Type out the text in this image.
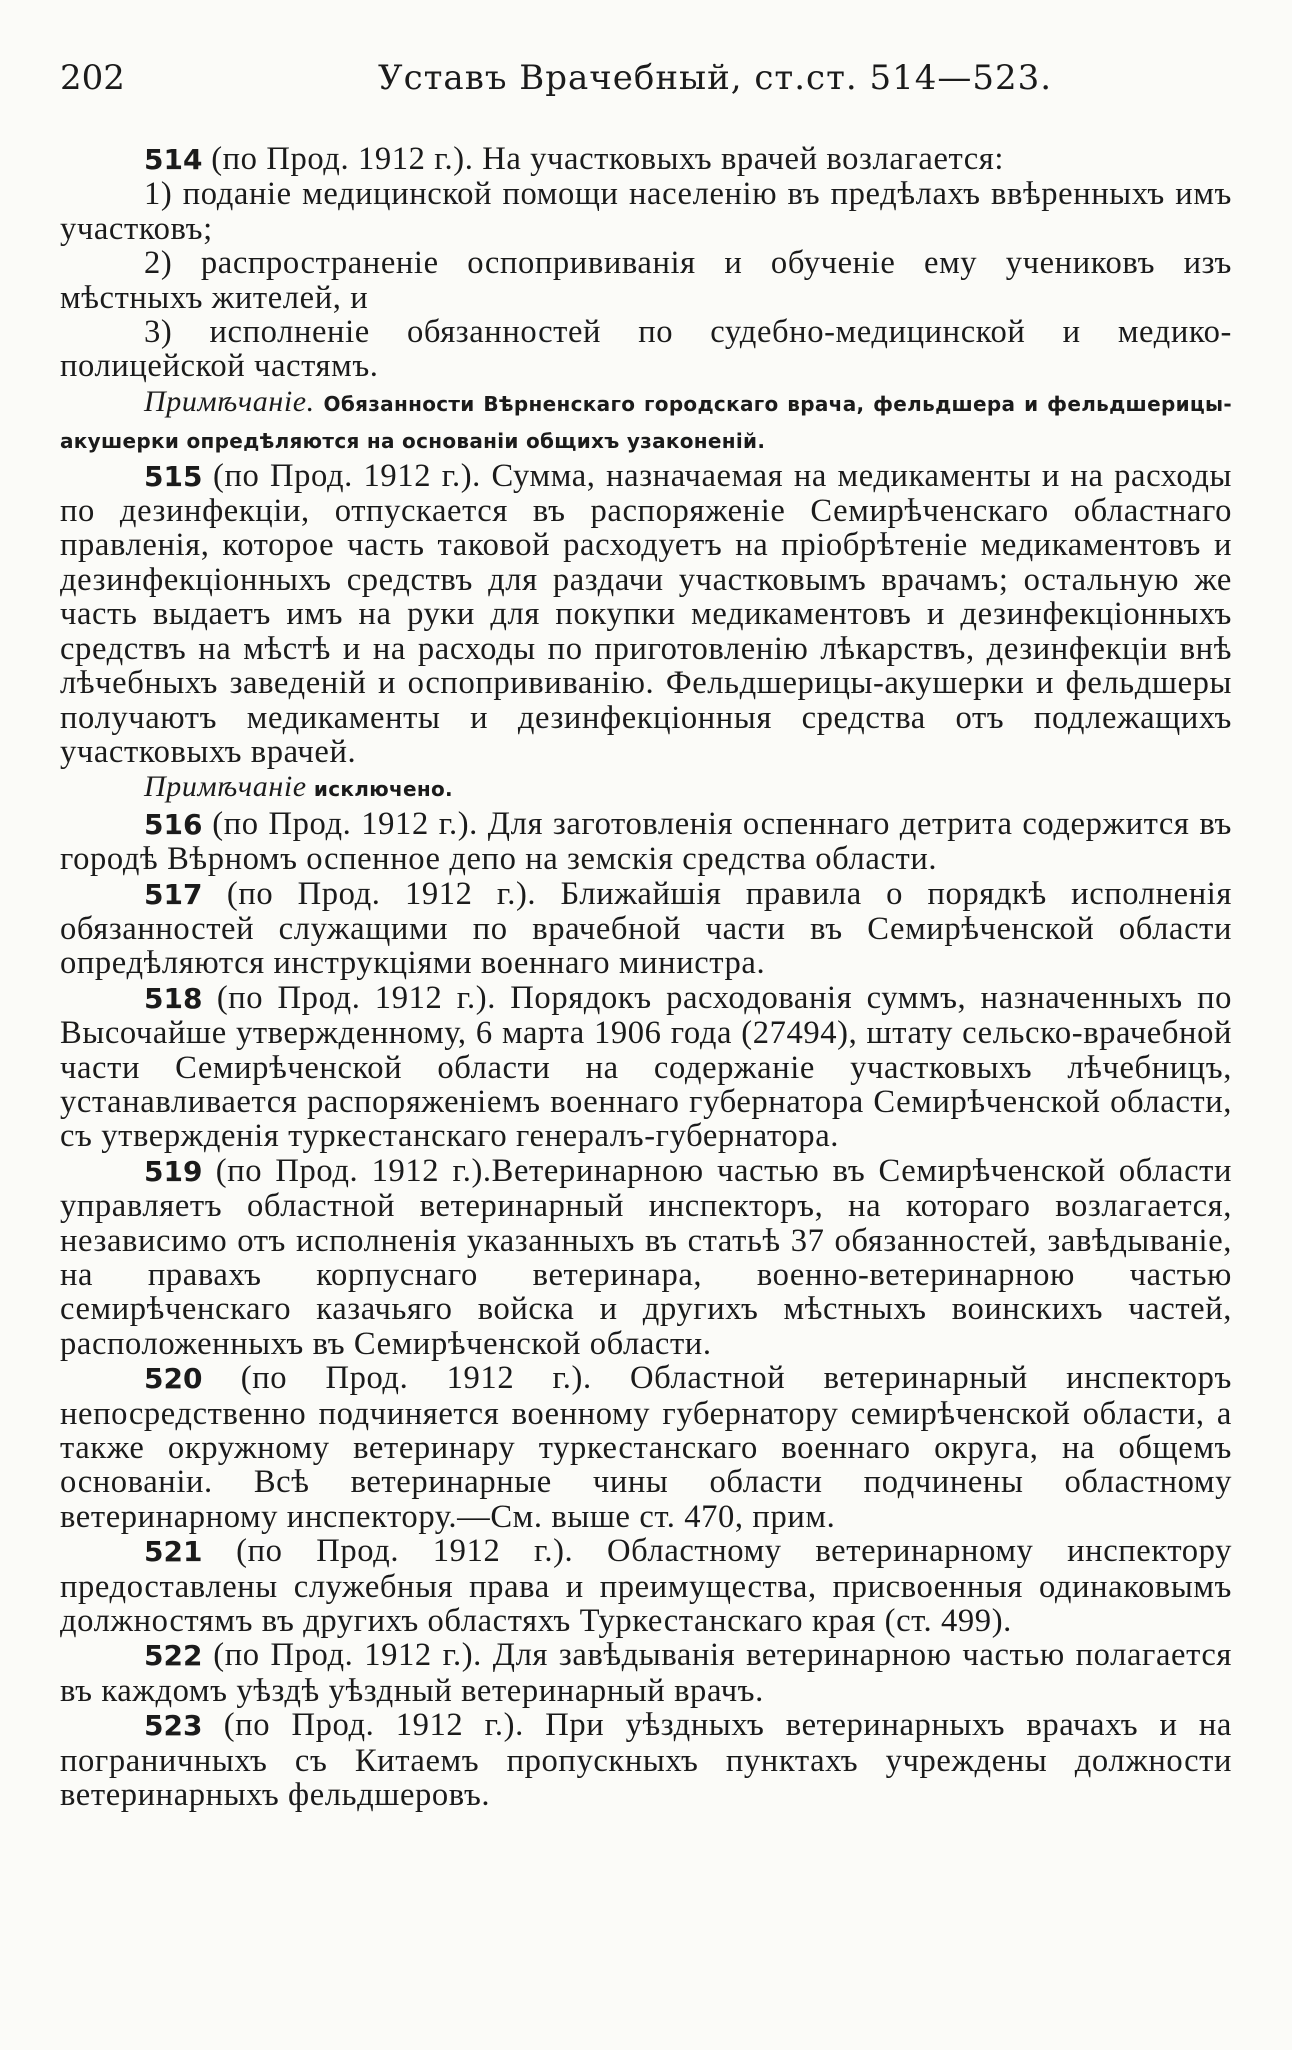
202	Уставъ Врачебный, ст.ст. 514—523.

514 (по Прод. 1912 г.). На участковыхъ врачей возлагается:

1) поданіе медицинской помощи населенію въ предѣлахъ ввѣренныхъ имъ участковъ;

2) распространеніе оспопрививанія и обученіе ему учениковъ изъ мѣстныхъ жителей, и

3) исполненіе обязанностей по судебно-медицинской и медико-полицейской частямъ.

Примѣчаніе. Обязанности Вѣрненскаго городскаго врача, фельдшера и фельдшерицы-акушерки опредѣляются на основаніи общихъ узаконеній.

515 (по Прод. 1912 г.). Сумма, назначаемая на медикаменты и на расходы по дезинфекціи, отпускается въ распоряженіе Семирѣченскаго областнаго правленія, которое часть таковой расходуетъ на пріобрѣтеніе медикаментовъ и дезинфекціонныхъ средствъ для раздачи участковымъ врачамъ; остальную же часть выдаетъ имъ на руки для покупки медикаментовъ и дезинфекціонныхъ средствъ на мѣстѣ и на расходы по приготовленію лѣкарствъ, дезинфекціи внѣ лѣчебныхъ заведеній и оспопрививанію. Фельдшерицы-акушерки и фельдшеры получаютъ медикаменты и дезинфекціонныя средства отъ подлежащихъ участковыхъ врачей.

Примѣчаніе исключено.

516 (по Прод. 1912 г.). Для заготовленія оспеннаго детрита содержится въ городѣ Вѣрномъ оспенное депо на земскія средства области.

517 (по Прод. 1912 г.). Ближайшія правила о порядкѣ исполненія обязанностей служащими по врачебной части въ Семирѣченской области опредѣляются инструкціями военнаго министра.

518 (по Прод. 1912 г.). Порядокъ расходованія суммъ, назначенныхъ по Высочайше утвержденному, 6 марта 1906 года (27494), штату сельско-врачебной части Семирѣченской области на содержаніе участковыхъ лѣчебницъ, устанавливается распоряженіемъ военнаго губернатора Семирѣченской области, съ утвержденія туркестанскаго генералъ-губернатора.

519 (по Прод. 1912 г.).Ветеринарною частью въ Семирѣченской области управляетъ областной ветеринарный инспекторъ, на котораго возлагается, независимо отъ исполненія указанныхъ въ статьѣ 37 обязанностей, завѣдываніе, на правахъ корпуснаго ветеринара, военно-ветеринарною частью семирѣченскаго казачьяго войска и другихъ мѣстныхъ воинскихъ частей, расположенныхъ въ Семирѣченской области.

520 (по Прод. 1912 г.). Областной ветеринарный инспекторъ непосредственно подчиняется военному губернатору семирѣченской области, а также окружному ветеринару туркестанскаго военнаго округа, на общемъ основаніи. Всѣ ветеринарные чины области подчинены областному ветеринарному инспектору.—См. выше ст. 470, прим.

521 (по Прод. 1912 г.). Областному ветеринарному инспектору предоставлены служебныя права и преимущества, присвоенныя одинаковымъ должностямъ въ другихъ областяхъ Туркестанскаго края (ст. 499).

522 (по Прод. 1912 г.). Для завѣдыванія ветеринарною частью полагается въ каждомъ уѣздѣ уѣздный ветеринарный врачъ.

523 (по Прод. 1912 г.). При уѣздныхъ ветеринарныхъ врачахъ и на пограничныхъ съ Китаемъ пропускныхъ пунктахъ учреждены должности ветеринарныхъ фельдшеровъ.
